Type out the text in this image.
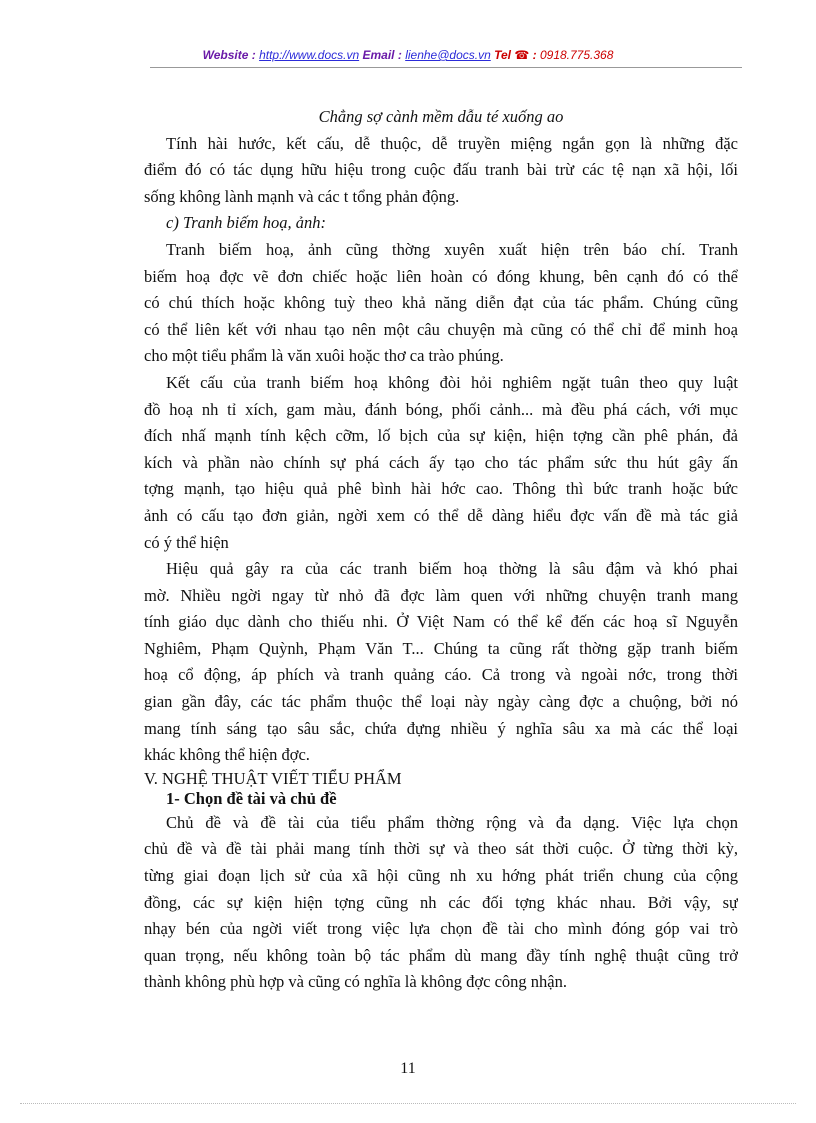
Website : http://www.docs.vn Email : lienhe@docs.vn Tel ☎ : 0918.775.368
Chẳng sợ cành mềm dẫu té xuống ao
Tính hài hước, kết cấu, dễ thuộc, dễ truyền miệng ngắn gọn là những đặc
điểm đó có tác dụng hữu hiệu trong cuộc đấu tranh bài trừ các tệ nạn xã hội, lối
sống không lành mạnh và các t tổng phản động.
c) Tranh biếm hoạ, ảnh:
Tranh biếm hoạ, ảnh cũng thờng xuyên xuất hiện trên báo chí. Tranh
biếm hoạ đợc vẽ đơn chiếc hoặc liên hoàn có đóng khung, bên cạnh đó có thể
có chú thích hoặc không tuỳ theo khả năng diễn đạt của tác phẩm. Chúng cũng
có thể liên kết với nhau tạo nên một câu chuyện mà cũng có thể chỉ để minh hoạ
cho một tiểu phẩm là văn xuôi hoặc thơ ca trào phúng.
Kết cấu của tranh biếm hoạ không đòi hỏi nghiêm ngặt tuân theo quy luật
đồ hoạ nh tỉ xích, gam màu, đánh bóng, phối cảnh... mà đều phá cách, với mục
đích nhấ mạnh tính kệch cỡm, lố bịch của sự kiện, hiện tợng cần phê phán, đả
kích và phần nào chính sự phá cách ấy tạo cho tác phẩm sức thu hút gây ấn
tợng mạnh, tạo hiệu quả phê bình hài hớc cao. Thông thì bức tranh hoặc bức
ảnh có cấu tạo đơn giản, ngời xem có thể dễ dàng hiểu đợc vấn đề mà tác giả
có ý thể hiện
Hiệu quả gây ra của các tranh biếm hoạ thờng là sâu đậm và khó phai
mờ. Nhiều ngời ngay từ nhỏ đã đợc làm quen với những chuyện tranh mang
tính giáo dục dành cho thiếu nhi. Ở Việt Nam có thể kể đến các hoạ sĩ Nguyễn
Nghiêm, Phạm Quỳnh, Phạm Văn T... Chúng ta cũng rất thờng gặp tranh biếm
hoạ cổ động, áp phích và tranh quảng cáo. Cả trong và ngoài nớc, trong thời
gian gần đây, các tác phẩm thuộc thể loại này ngày càng đợc a chuộng, bởi nó
mang tính sáng tạo sâu sắc, chứa đựng nhiều ý nghĩa sâu xa mà các thể loại
khác không thể hiện đợc.
V. NGHỆ THUẬT VIẾT TIỂU PHẨM
1- Chọn đề tài và chủ đề
Chủ đề và đề tài của tiểu phẩm thờng rộng và đa dạng. Việc lựa chọn
chủ đề và đề tài phải mang tính thời sự và theo sát thời cuộc. Ở từng thời kỳ,
từng giai đoạn lịch sử của xã hội cũng nh xu hớng phát triển chung của cộng
đồng, các sự kiện hiện tợng cũng nh các đối tợng khác nhau. Bởi vậy, sự
nhạy bén của ngời viết trong việc lựa chọn đề tài cho mình đóng góp vai trò
quan trọng, nếu không toàn bộ tác phẩm dù mang đầy tính nghệ thuật cũng trở
thành không phù hợp và cũng có nghĩa là không đợc công nhận.
11
